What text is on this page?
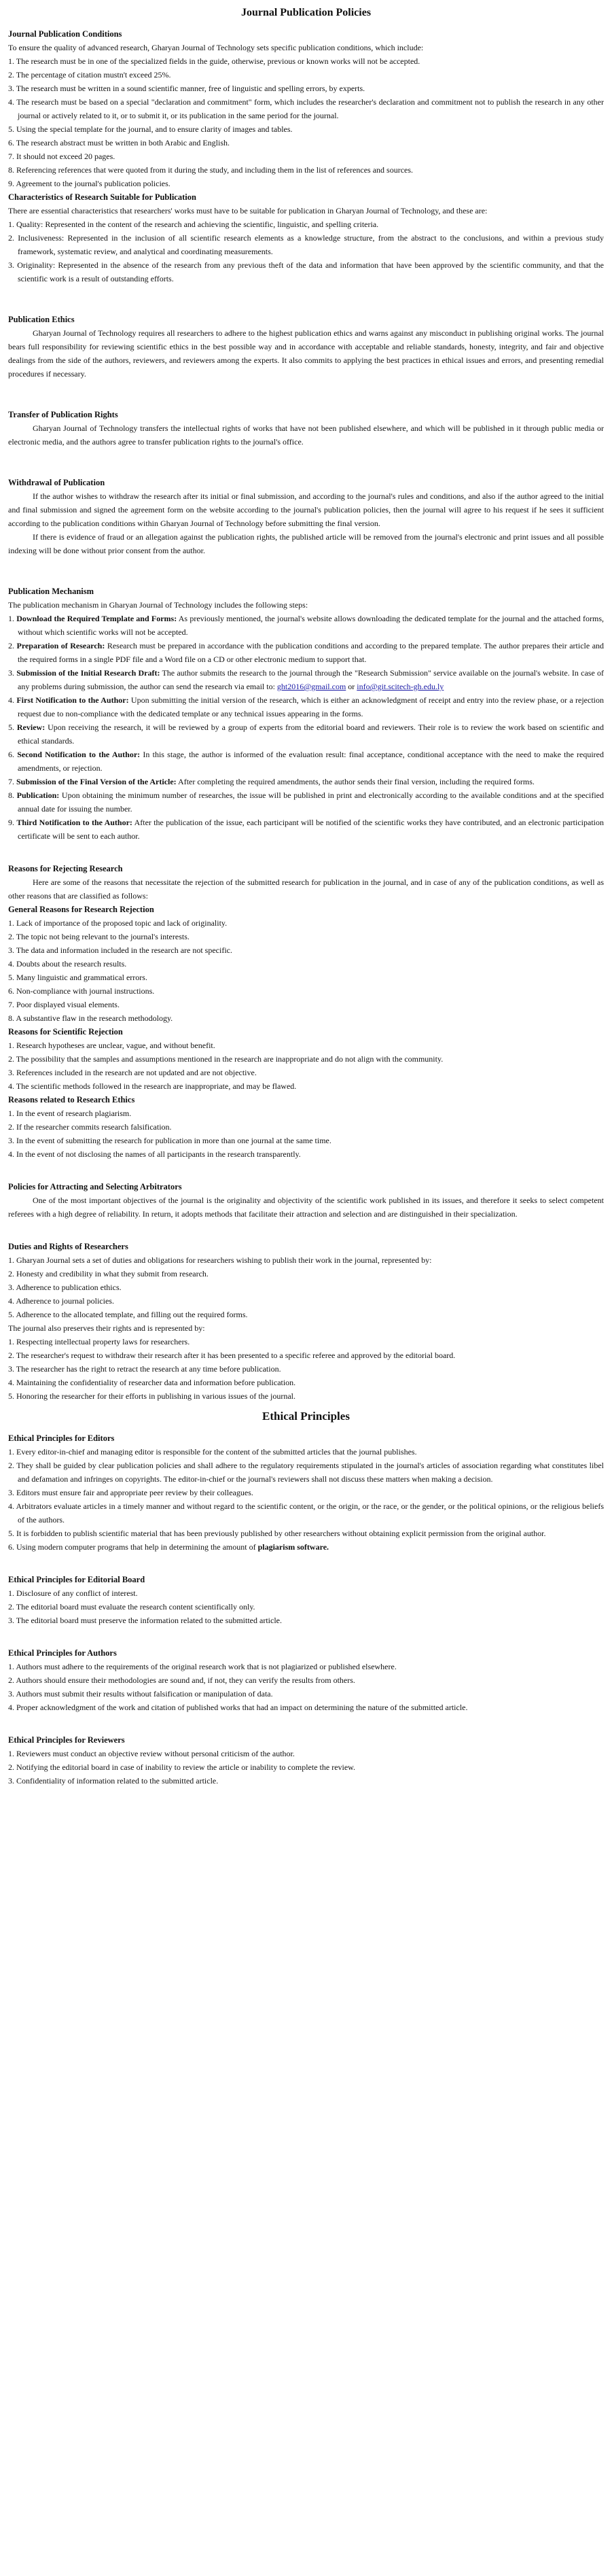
Journal Publication Policies
Journal Publication Conditions

To ensure the quality of advanced research, Gharyan Journal of Technology sets specific publication conditions, which include:

1. The research must be in one of the specialized fields in the guide, otherwise, previous or known works will not be accepted.
2. The percentage of citation mustn't exceed 25%.
3. The research must be written in a sound scientific manner, free of linguistic and spelling errors, by experts.
4. The research must be based on a special "declaration and commitment" form, which includes the researcher's declaration and commitment not to publish the research in any other journal or actively related to it, or to submit it, or its publication in the same period for the journal.
5. Using the special template for the journal, and to ensure clarity of images and tables.
6. The research abstract must be written in both Arabic and English.
7. It should not exceed 20 pages.
8. Referencing references that were quoted from it during the study, and including them in the list of references and sources.
9. Agreement to the journal's publication policies.
Characteristics of Research Suitable for Publication

There are essential characteristics that researchers' works must have to be suitable for publication in Gharyan Journal of Technology, and these are:

1. Quality: Represented in the content of the research and achieving the scientific, linguistic, and spelling criteria.
2. Inclusiveness: Represented in the inclusion of all scientific research elements as a knowledge structure, from the abstract to the conclusions, and within a previous study framework, systematic review, and analytical and coordinating measurements.
3. Originality: Represented in the absence of the research from any previous theft of the data and information that have been approved by the scientific community, and that the scientific work is a result of outstanding efforts.
Publication Ethics

Gharyan Journal of Technology requires all researchers to adhere to the highest publication ethics and warns against any misconduct in publishing original works. The journal bears full responsibility for reviewing scientific ethics in the best possible way and in accordance with acceptable and reliable standards, honesty, integrity, and fair and objective dealings from the side of the authors, reviewers, and reviewers among the experts. It also commits to applying the best practices in ethical issues and errors, and presenting remedial procedures if necessary.

Transfer of Publication Rights

Gharyan Journal of Technology transfers the intellectual rights of works that have not been published elsewhere, and which will be published in it through public media or electronic media, and the authors agree to transfer publication rights to the journal's office.

Withdrawal of Publication

If the author wishes to withdraw the research after its initial or final submission, and according to the journal's rules and conditions, and also if the author agreed to the initial and final submission and signed the agreement form on the website according to the journal's publication policies, then the journal will agree to his request if he sees it sufficient according to the publication conditions within Gharyan Journal of Technology before submitting the final version.

If there is evidence of fraud or an allegation against the publication rights, the published article will be removed from the journal's electronic and print issues and all possible indexing will be done without prior consent from the author.

Publication Mechanism

The publication mechanism in Gharyan Journal of Technology includes the following steps:

1. Download the Required Template and Forms: As previously mentioned, the journal's website allows downloading the dedicated template for the journal and the attached forms, without which scientific works will not be accepted.
2. Preparation of Research: Research must be prepared in accordance with the publication conditions and according to the prepared template. The author prepares their article and the required forms in a single PDF file and a Word file on a CD or other electronic medium to support that.
3. Submission of the Initial Research Draft: The author submits the research to the journal through the "Research Submission" service available on the journal's website. In case of any problems during submission, the author can send the research via email to: ght2016@gmail.com or info@git.scitech-gh.edu.ly
4. First Notification to the Author: Upon submitting the initial version of the research, which is either an acknowledgment of receipt and entry into the review phase, or a rejection request due to non-compliance with the dedicated template or any technical issues appearing in the forms.
5. Review: Upon receiving the research, it will be reviewed by a group of experts from the editorial board and reviewers. Their role is to review the work based on scientific and ethical standards.
6. Second Notification to the Author: In this stage, the author is informed of the evaluation result: final acceptance, conditional acceptance with the need to make the required amendments, or rejection.
7. Submission of the Final Version of the Article: After completing the required amendments, the author sends their final version, including the required forms.
8. Publication: Upon obtaining the minimum number of researches, the issue will be published in print and electronically according to the available conditions and at the specified annual date for issuing the number.
9. Third Notification to the Author: After the publication of the issue, each participant will be notified of the scientific works they have contributed, and an electronic participation certificate will be sent to each author.
Reasons for Rejecting Research

Here are some of the reasons that necessitate the rejection of the submitted research for publication in the journal, and in case of any of the publication conditions, as well as other reasons that are classified as follows:

General Reasons for Research Rejection
1. Lack of importance of the proposed topic and lack of originality.
2. The topic not being relevant to the journal's interests.
3. The data and information included in the research are not specific.
4. Doubts about the research results.
5. Many linguistic and grammatical errors.
6. Non-compliance with journal instructions.
7. Poor displayed visual elements.
8. A substantive flaw in the research methodology.
Reasons for Scientific Rejection
1. Research hypotheses are unclear, vague, and without benefit.
2. The possibility that the samples and assumptions mentioned in the research are inappropriate and do not align with the community.
3. References included in the research are not updated and are not objective.
4. The scientific methods followed in the research are inappropriate, and may be flawed.
Reasons related to Research Ethics
1. In the event of research plagiarism.
2. If the researcher commits research falsification.
3. In the event of submitting the research for publication in more than one journal at the same time.
4. In the event of not disclosing the names of all participants in the research transparently.
Policies for Attracting and Selecting Arbitrators

One of the most important objectives of the journal is the originality and objectivity of the scientific work published in its issues, and therefore it seeks to select competent referees with a high degree of reliability. In return, it adopts methods that facilitate their attraction and selection and are distinguished in their specialization.

Duties and Rights of Researchers
1. Gharyan Journal sets a set of duties and obligations for researchers wishing to publish their work in the journal, represented by:
2. Honesty and credibility in what they submit from research.
3. Adherence to publication ethics.
4. Adherence to journal policies.
5. Adherence to the allocated template, and filling out the required forms.

The journal also preserves their rights and is represented by:

1. Respecting intellectual property laws for researchers.
2. The researcher's request to withdraw their research after it has been presented to a specific referee and approved by the editorial board.
3. The researcher has the right to retract the research at any time before publication.
4. Maintaining the confidentiality of researcher data and information before publication.
5. Honoring the researcher for their efforts in publishing in various issues of the journal.
Ethical Principles
Ethical Principles for Editors
1. Every editor-in-chief and managing editor is responsible for the content of the submitted articles that the journal publishes.
2. They shall be guided by clear publication policies and shall adhere to the regulatory requirements stipulated in the journal's articles of association regarding what constitutes libel and defamation and infringes on copyrights. The editor-in-chief or the journal's reviewers shall not discuss these matters when making a decision.
3. Editors must ensure fair and appropriate peer review by their colleagues.
4. Arbitrators evaluate articles in a timely manner and without regard to the scientific content, or the origin, or the race, or the gender, or the political opinions, or the religious beliefs of the authors.
5. It is forbidden to publish scientific material that has been previously published by other researchers without obtaining explicit permission from the original author.
6. Using modern computer programs that help in determining the amount of plagiarism software.
Ethical Principles for Editorial Board
1. Disclosure of any conflict of interest.
2. The editorial board must evaluate the research content scientifically only.
3. The editorial board must preserve the information related to the submitted article.
Ethical Principles for Authors
1. Authors must adhere to the requirements of the original research work that is not plagiarized or published elsewhere.
2. Authors should ensure their methodologies are sound and, if not, they can verify the results from others.
3. Authors must submit their results without falsification or manipulation of data.
4. Proper acknowledgment of the work and citation of published works that had an impact on determining the nature of the submitted article.
Ethical Principles for Reviewers
1. Reviewers must conduct an objective review without personal criticism of the author.
2. Notifying the editorial board in case of inability to review the article or inability to complete the review.
3. Confidentiality of information related to the submitted article.
